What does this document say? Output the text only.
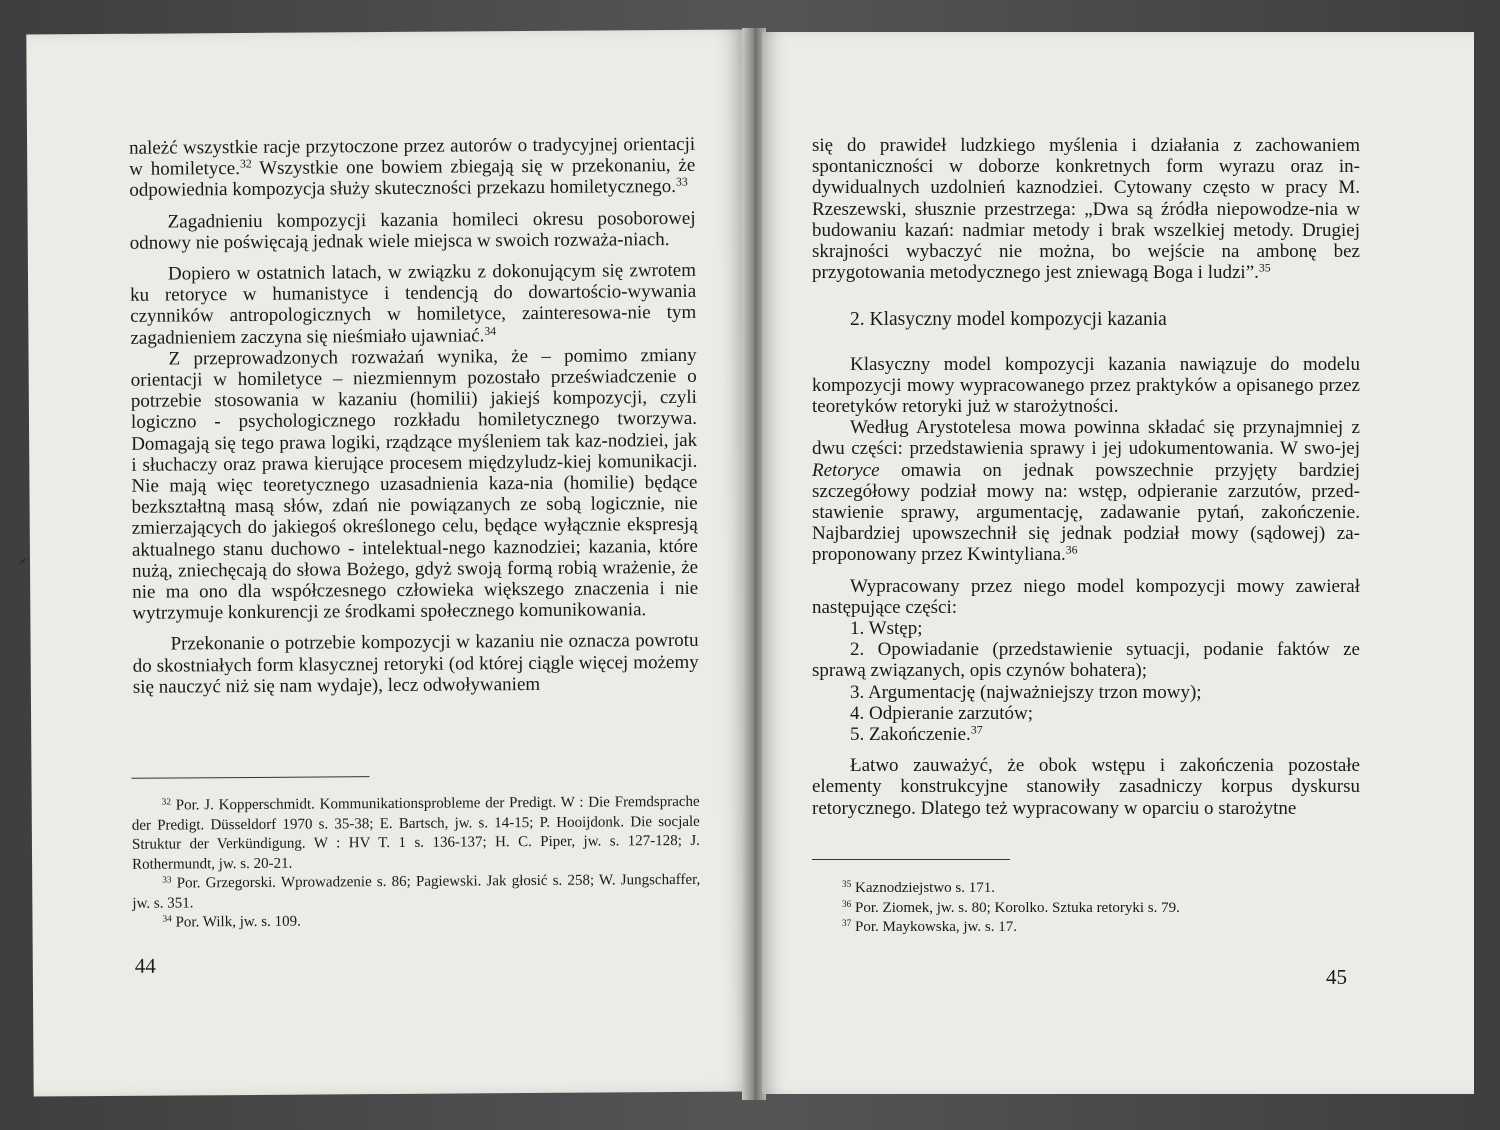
należć wszystkie racje przytoczone przez autorów o tradycyjnej orientacji w homiletyce.$^{32}$ Wszystkie one bowiem zbiegają się w przekonaniu, że odpowiednia kompozycja służy skuteczności przekazu homiletycznego.$^{33}$

Zagadnieniu kompozycji kazania homileci okresu posoborowej odnowy nie poświęcają jednak wiele miejsca w swoich rozważa-niach.

Dopiero w ostatnich latach, w związku z dokonującym się zwrotem ku retoryce w humanistyce i tendencją do dowartościo-wywania czynników antropologicznych w homiletyce, zainteresowa-nie tym zagadnieniem zaczyna się nieśmiało ujawniać.$^{34}$

Z przeprowadzonych rozważań wynika, że – pomimo zmiany orientacji w homiletyce – niezmiennym pozostało przeświadczenie o potrzebie stosowania w kazaniu (homilii) jakiejś kompozycji, czyli logiczno - psychologicznego rozkładu homiletycznego tworzywa. Domagają się tego prawa logiki, rządzące myśleniem tak kaz-nodziei, jak i słuchaczy oraz prawa kierujące procesem międzyludz-kiej komunikacji. Nie mają więc teoretycznego uzasadnienia kaza-nia (homilie) będące bezkształtną masą słów, zdań nie powiązanych ze sobą logicznie, nie zmierzających do jakiegoś określonego celu, będące wyłącznie ekspresją aktualnego stanu duchowo - intelektual-nego kaznodziei; kazania, które nużą, zniechęcają do słowa Bożego, gdyż swoją formą robią wrażenie, że nie ma ono dla współczesnego człowieka większego znaczenia i nie wytrzymuje konkurencji ze środkami społecznego komunikowania.

Przekonanie o potrzebie kompozycji w kazaniu nie oznacza powrotu do skostniałych form klasycznej retoryki (od której ciągle więcej możemy się nauczyć niż się nam wydaje), lecz odwoływaniem

$^{32}$ Por. J. Kopperschmidt. Kommunikationsprobleme der Predigt. W : Die Fremdsprache der Predigt. Düsseldorf 1970 s. 35-38; E. Bartsch, jw. s. 14-15; P. Hooijdonk. Die socjale Struktur der Verkündigung. W : HV T. 1 s. 136-137; H. C. Piper, jw. s. 127-128; J. Rothermundt, jw. s. 20-21.

$^{33}$ Por. Grzegorski. Wprowadzenie s. 86; Pagiewski. Jak głosić s. 258; W. Jungschaffer, jw. s. 351.

$^{34}$ Por. Wilk, jw. s. 109.

44

się do prawideł ludzkiego myślenia i działania z zachowaniem spontaniczności w doborze konkretnych form wyrazu oraz in-dywidualnych uzdolnień kaznodziei. Cytowany często w pracy M. Rzeszewski, słusznie przestrzega: „Dwa są źródła niepowodze-nia w budowaniu kazań: nadmiar metody i brak wszelkiej metody. Drugiej skrajności wybaczyć nie można, bo wejście na ambonę bez przygotowania metodycznego jest zniewagą Boga i ludzi”.$^{35}$

2. Klasyczny model kompozycji kazania

Klasyczny model kompozycji kazania nawiązuje do modelu kompozycji mowy wypracowanego przez praktyków a opisanego przez teoretyków retoryki już w starożytności.

Według Arystotelesa mowa powinna składać się przynajmniej z dwu części: przedstawienia sprawy i jej udokumentowania. W swo-jej Retoryce omawia on jednak powszechnie przyjęty bardziej szczegółowy podział mowy na: wstęp, odpieranie zarzutów, przed-stawienie sprawy, argumentację, zadawanie pytań, zakończenie. Najbardziej upowszechnił się jednak podział mowy (sądowej) za-proponowany przez Kwintyliana.$^{36}$

Wypracowany przez niego model kompozycji mowy zawierał następujące części:

1. Wstęp;

2. Opowiadanie (przedstawienie sytuacji, podanie faktów ze sprawą związanych, opis czynów bohatera);

3. Argumentację (najważniejszy trzon mowy);

4. Odpieranie zarzutów;

5. Zakończenie.$^{37}$

Łatwo zauważyć, że obok wstępu i zakończenia pozostałe elementy konstrukcyjne stanowiły zasadniczy korpus dyskursu retorycznego. Dlatego też wypracowany w oparciu o starożytne

$^{35}$ Kaznodziejstwo s. 171.

$^{36}$ Por. Ziomek, jw. s. 80; Korolko. Sztuka retoryki s. 79.

$^{37}$ Por. Maykowska, jw. s. 17.

45
